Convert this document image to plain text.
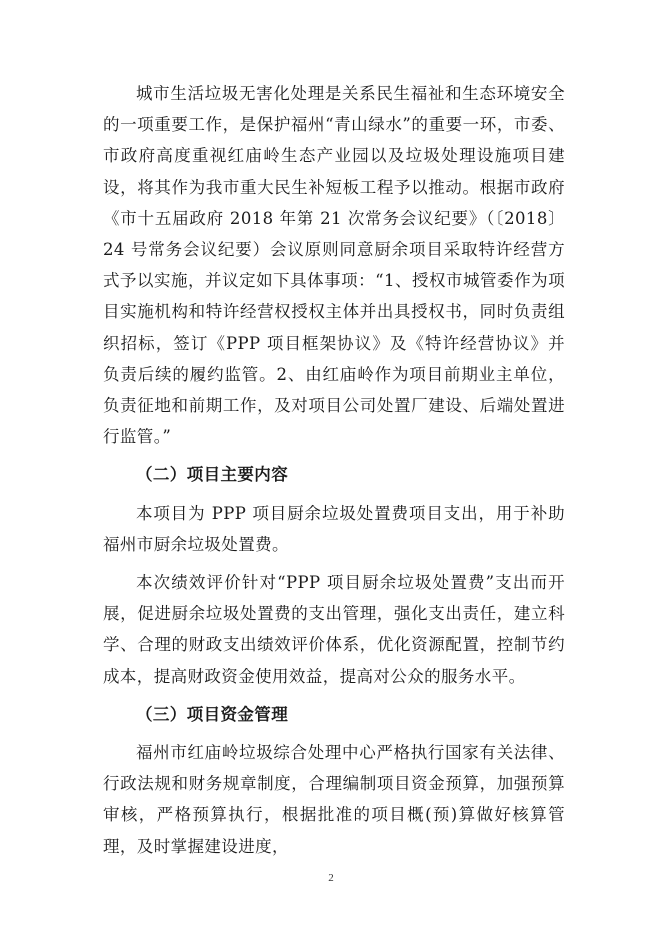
城市生活垃圾无害化处理是关系民生福祉和生态环境安全的一项重要工作，是保护福州“青山绿水”的重要一环，市委、市政府高度重视红庙岭生态产业园以及垃圾处理设施项目建设，将其作为我市重大民生补短板工程予以推动。根据市政府《市十五届政府 2018 年第 21 次常务会议纪要》（〔2018〕24 号常务会议纪要）会议原则同意厨余项目采取特许经营方式予以实施，并议定如下具体事项：“1、授权市城管委作为项目实施机构和特许经营权授权主体并出具授权书，同时负责组织招标，签订《PPP 项目框架协议》及《特许经营协议》并负责后续的履约监管。2、由红庙岭作为项目前期业主单位，负责征地和前期工作，及对项目公司处置厂建设、后端处置进行监管。”

（二）项目主要内容

本项目为 PPP 项目厨余垃圾处置费项目支出，用于补助福州市厨余垃圾处置费。

本次绩效评价针对“PPP 项目厨余垃圾处置费”支出而开展，促进厨余垃圾处置费的支出管理，强化支出责任，建立科学、合理的财政支出绩效评价体系，优化资源配置，控制节约成本，提高财政资金使用效益，提高对公众的服务水平。

（三）项目资金管理

福州市红庙岭垃圾综合处理中心严格执行国家有关法律、行政法规和财务规章制度，合理编制项目资金预算，加强预算审核，严格预算执行，根据批准的项目概(预)算做好核算管理，及时掌握建设进度，

2
